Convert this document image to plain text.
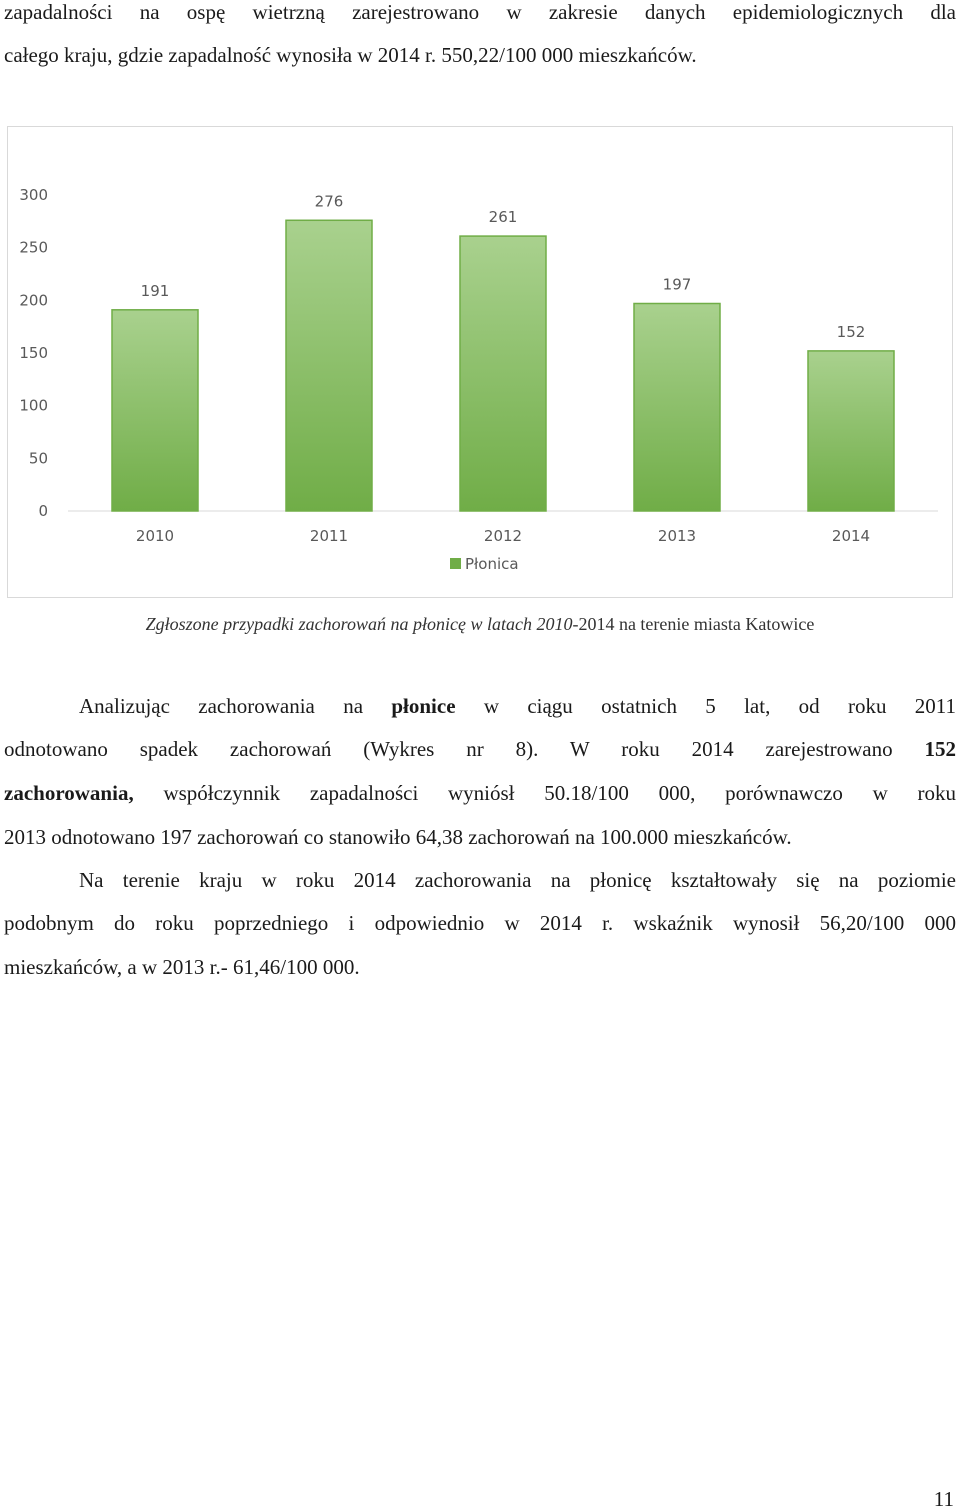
zapadalności na ospę wietrzną zarejestrowano w zakresie danych epidemiologicznych dla
całego kraju, gdzie zapadalność wynosiła w 2014 r. 550,22/100 000 mieszkańców.
0
50
100
150
200
250
300
191
2010
276
2011
261
2012
197
2013
152
2014
Płonica
Zgłoszone przypadki zachorowań na płonicę w latach 2010-2014 na terenie miasta Katowice
Analizując zachorowania na płonice w ciągu ostatnich 5 lat, od roku 2011
odnotowano spadek zachorowań (Wykres nr 8). W roku 2014 zarejestrowano 152
zachorowania, współczynnik zapadalności wyniósł 50.18/100 000, porównawczo w roku
2013 odnotowano 197 zachorowań co stanowiło 64,38 zachorowań na 100.000 mieszkańców.
Na terenie kraju w roku 2014 zachorowania na płonicę kształtowały się na poziomie
podobnym do roku poprzedniego i odpowiednio w 2014 r. wskaźnik wynosił 56,20/100 000
mieszkańców, a w 2013 r.- 61,46/100 000.
11
